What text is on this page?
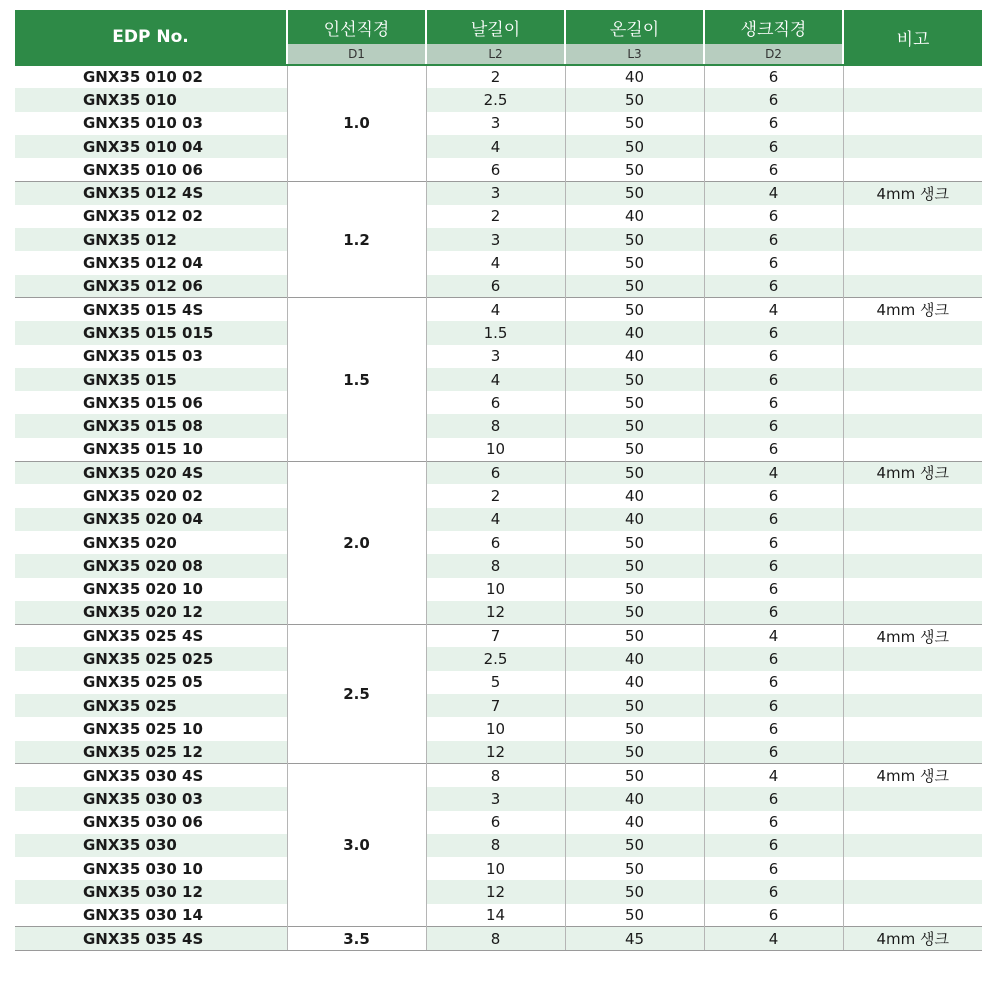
EDP No.	인선직경	날길이	온길이	생크직경	비고
	D1	L2	L3	D2	
GNX35 010 02	1.0	2	40	6	
GNX35 010		2.5	50	6	
GNX35 010 03		3	50	6	
GNX35 010 04		4	50	6	
GNX35 010 06		6	50	6	
GNX35 012 4S	1.2	3	50	4	4mm 생크
GNX35 012 02		2	40	6	
GNX35 012		3	50	6	
GNX35 012 04		4	50	6	
GNX35 012 06		6	50	6	
GNX35 015 4S	1.5	4	50	4	4mm 생크
GNX35 015 015		1.5	40	6	
GNX35 015 03		3	40	6	
GNX35 015		4	50	6	
GNX35 015 06		6	50	6	
GNX35 015 08		8	50	6	
GNX35 015 10		10	50	6	
GNX35 020 4S	2.0	6	50	4	4mm 생크
GNX35 020 02		2	40	6	
GNX35 020 04		4	40	6	
GNX35 020		6	50	6	
GNX35 020 08		8	50	6	
GNX35 020 10		10	50	6	
GNX35 020 12		12	50	6	
GNX35 025 4S	2.5	7	50	4	4mm 생크
GNX35 025 025		2.5	40	6	
GNX35 025 05		5	40	6	
GNX35 025		7	50	6	
GNX35 025 10		10	50	6	
GNX35 025 12		12	50	6	
GNX35 030 4S	3.0	8	50	4	4mm 생크
GNX35 030 03		3	40	6	
GNX35 030 06		6	40	6	
GNX35 030		8	50	6	
GNX35 030 10		10	50	6	
GNX35 030 12		12	50	6	
GNX35 030 14		14	50	6	
GNX35 035 4S	3.5	8	45	4	4mm 생크
